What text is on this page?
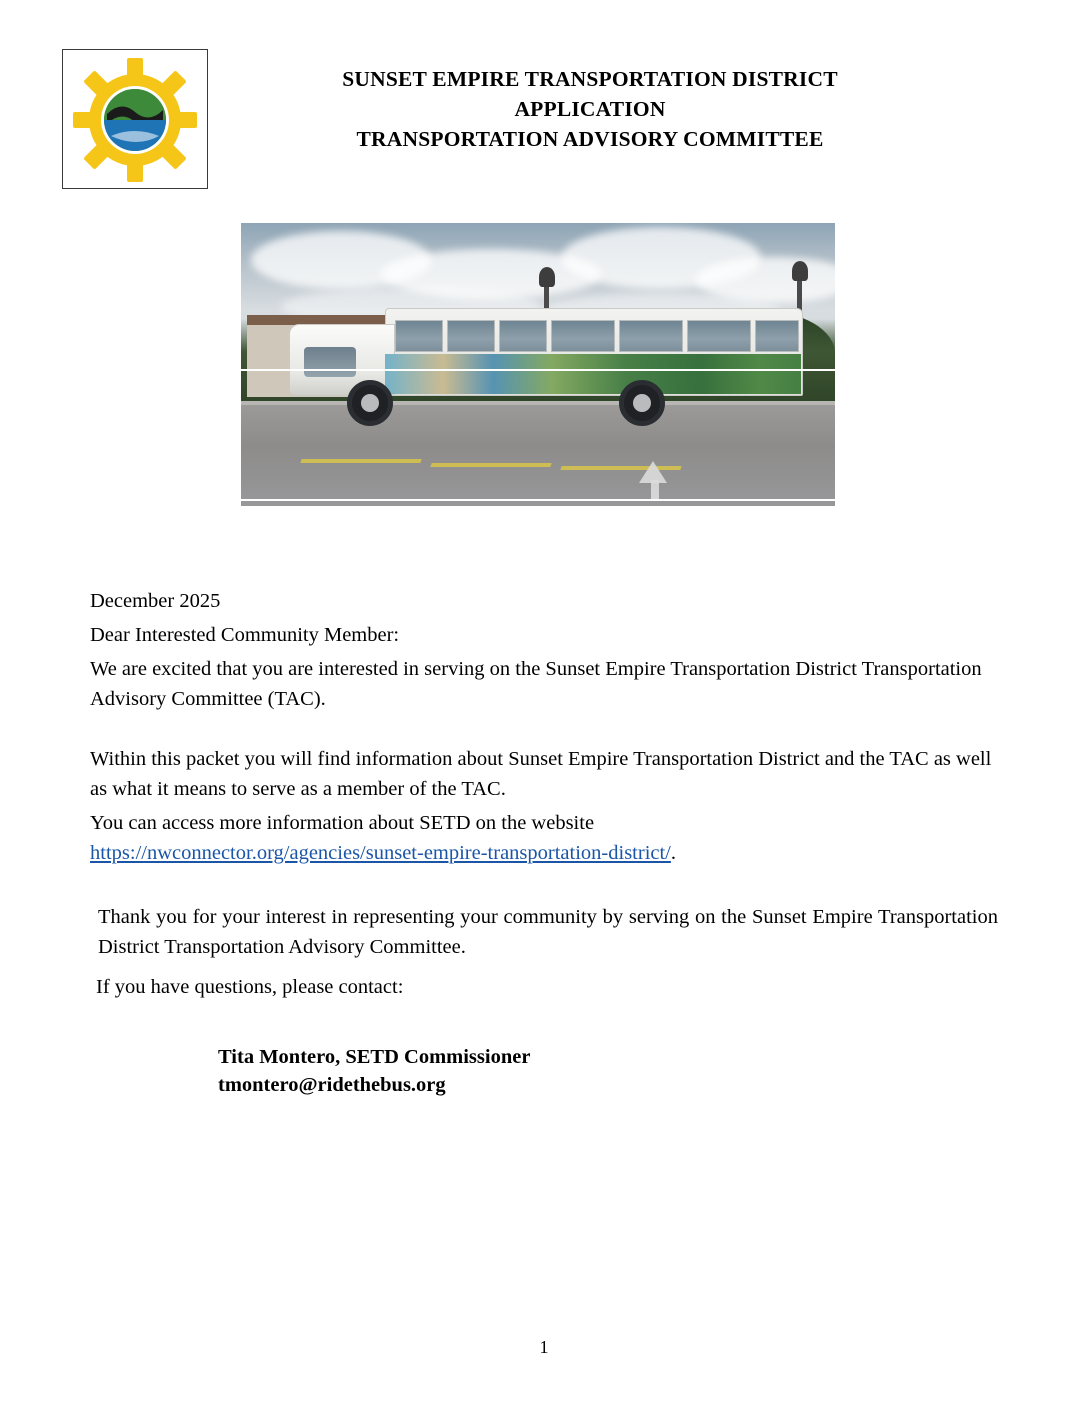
SUNSET EMPIRE TRANSPORTATION DISTRICT
APPLICATION
TRANSPORTATION ADVISORY COMMITTEE

December 2025

Dear Interested Community Member:

We are excited that you are interested in serving on the Sunset Empire Transportation District Transportation Advisory Committee (TAC).

Within this packet you will find information about Sunset Empire Transportation District and the TAC as well as what it means to serve as a member of the TAC.

You can access more information about SETD on the website
https://nwconnector.org/agencies/sunset-empire-transportation-district/.

Thank you for your interest in representing your community by serving on the Sunset Empire Transportation District Transportation Advisory Committee.

If you have questions, please contact:

Tita Montero, SETD Commissioner
tmontero@ridethebus.org
1
